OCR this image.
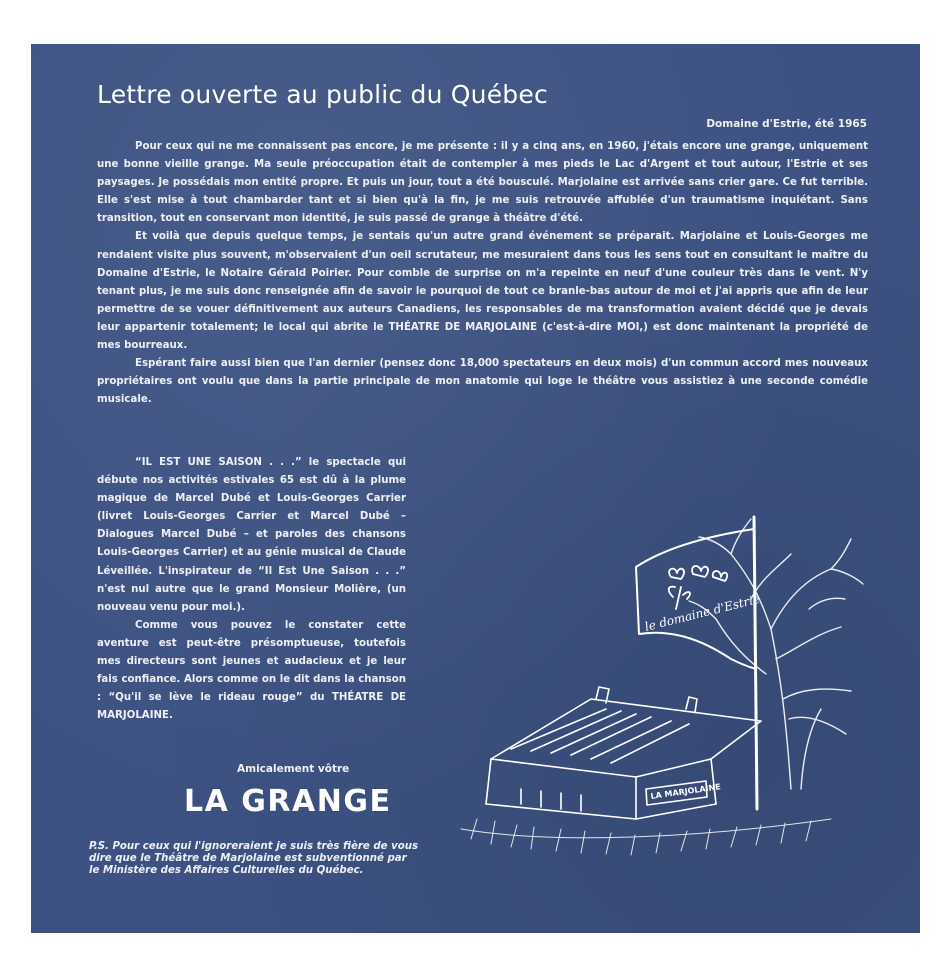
Lettre ouverte au public du Québec
Domaine d'Estrie, été 1965

Pour ceux qui ne me connaissent pas encore, je me présente : il y a cinq ans, en 1960, j'étais encore une grange, uniquement une bonne vieille grange. Ma seule préoccupation était de contempler à mes pieds le Lac d'Argent et tout autour, l'Estrie et ses paysages. Je possédais mon entité propre. Et puis un jour, tout a été bousculé. Marjolaine est arrivée sans crier gare. Ce fut terrible. Elle s'est mise à tout chambarder tant et si bien qu'à la fin, je me suis retrouvée affublée d'un traumatisme inquiétant. Sans transition, tout en conservant mon identité, je suis passé de grange à théâtre d'été.

Et voilà que depuis quelque temps, je sentais qu'un autre grand événement se préparait. Marjolaine et Louis-Georges me rendaient visite plus souvent, m'observaient d'un oeil scrutateur, me mesuraient dans tous les sens tout en consultant le maître du Domaine d'Estrie, le Notaire Gérald Poirier. Pour comble de surprise on m'a repeinte en neuf d'une couleur très dans le vent. N'y tenant plus, je me suis donc renseignée afin de savoir le pourquoi de tout ce branle-bas autour de moi et j'ai appris que afin de leur permettre de se vouer définitivement aux auteurs Canadiens, les responsables de ma transformation avaient décidé que je devais leur appartenir totalement; le local qui abrite le THÉATRE DE MARJOLAINE (c'est-à-dire MOI,) est donc maintenant la propriété de mes bourreaux.

Espérant faire aussi bien que l'an dernier (pensez donc 18,000 spectateurs en deux mois) d'un commun accord mes nouveaux propriétaires ont voulu que dans la partie principale de mon anatomie qui loge le théâtre vous assistiez à une seconde comédie musicale.

“IL EST UNE SAISON . . .” le spectacle qui débute nos activités estivales 65 est dû à la plume magique de Marcel Dubé et Louis-Georges Carrier (livret Louis-Georges Carrier et Marcel Dubé – Dialogues Marcel Dubé – et paroles des chansons Louis-Georges Carrier) et au génie musical de Claude Léveillée. L'inspirateur de “Il Est Une Saison . . .” n'est nul autre que le grand Monsieur Molière, (un nouveau venu pour moi.).

Comme vous pouvez le constater cette aventure est peut-être présomptueuse, toutefois mes directeurs sont jeunes et audacieux et je leur fais confiance. Alors comme on le dit dans la chanson : “Qu'il se lève le rideau rouge” du THÉATRE DE MARJOLAINE.

Amicalement vôtre
LA GRANGE
P.S. Pour ceux qui l'ignoreraient je suis très fière de vous dire que le Théâtre de Marjolaine est subventionné par le Ministère des Affaires Culturelles du Québec.
le domaine d'Estrie
LA MARJOLAINE
